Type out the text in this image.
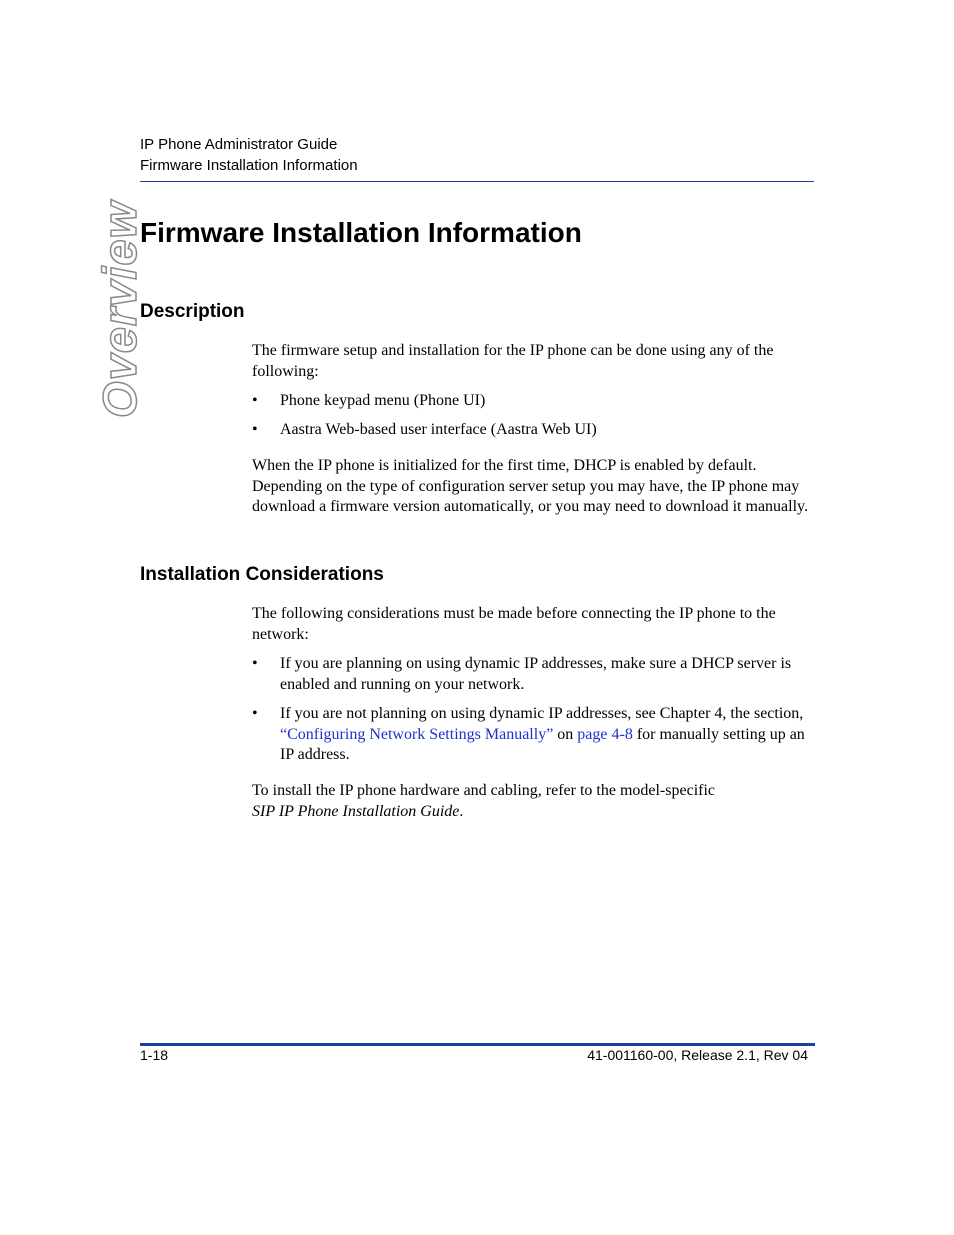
IP Phone Administrator Guide
Firmware Installation Information
Overview
Firmware Installation Information
Description

The firmware setup and installation for the IP phone can be done using any of the following:

• Phone keypad menu (Phone UI)
• Aastra Web-based user interface (Aastra Web UI)

When the IP phone is initialized for the first time, DHCP is enabled by default. Depending on the type of configuration server setup you may have, the IP phone may download a firmware version automatically, or you may need to download it manually.

Installation Considerations

The following considerations must be made before connecting the IP phone to the network:

• If you are planning on using dynamic IP addresses, make sure a DHCP server is enabled and running on your network.
• If you are not planning on using dynamic IP addresses, see Chapter 4, the section, “Configuring Network Settings Manually” on page 4-8 for manually setting up an IP address.

To install the IP phone hardware and cabling, refer to the model-specific
SIP IP Phone Installation Guide.

1-18	41-001160-00, Release 2.1, Rev 04
